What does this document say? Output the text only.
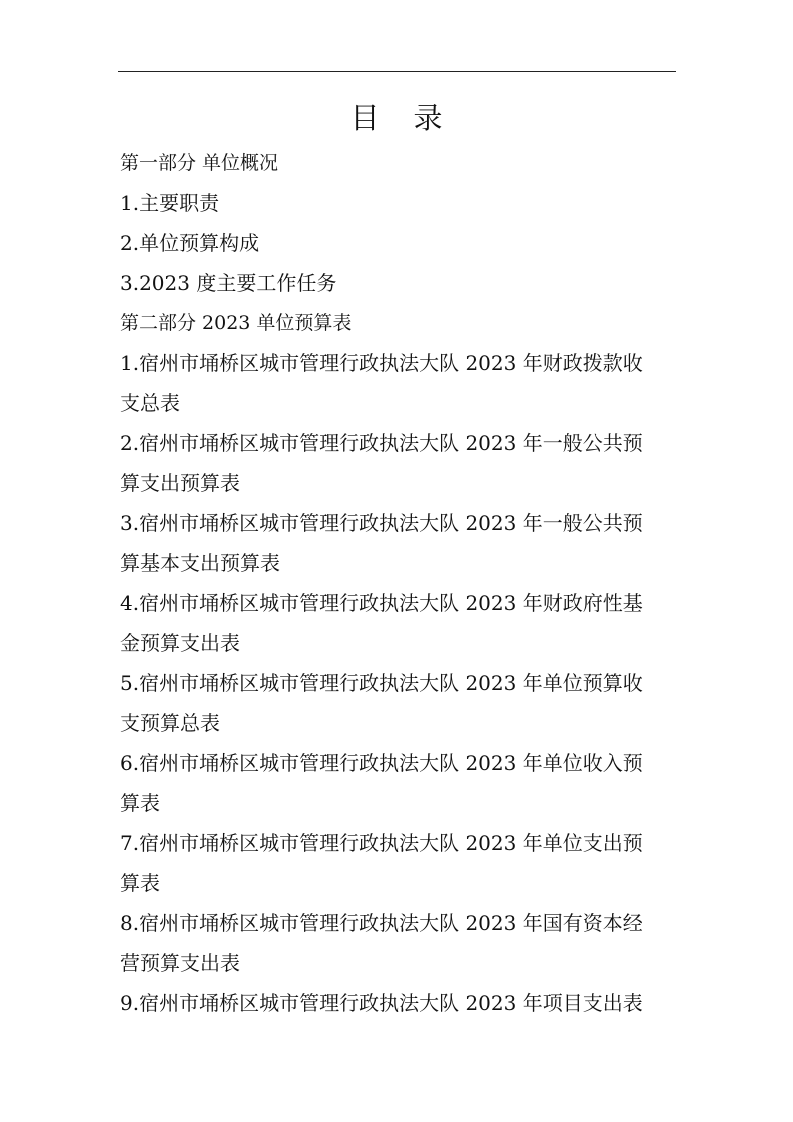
目 录
第一部分 单位概况
1.主要职责
2.单位预算构成
3.2023 度主要工作任务
第二部分 2023 单位预算表
1.宿州市埇桥区城市管理行政执法大队 2023 年财政拨款收
支总表
2.宿州市埇桥区城市管理行政执法大队 2023 年一般公共预
算支出预算表
3.宿州市埇桥区城市管理行政执法大队 2023 年一般公共预
算基本支出预算表
4.宿州市埇桥区城市管理行政执法大队 2023 年财政府性基
金预算支出表
5.宿州市埇桥区城市管理行政执法大队 2023 年单位预算收
支预算总表
6.宿州市埇桥区城市管理行政执法大队 2023 年单位收入预
算表
7.宿州市埇桥区城市管理行政执法大队 2023 年单位支出预
算表
8.宿州市埇桥区城市管理行政执法大队 2023 年国有资本经
营预算支出表
9.宿州市埇桥区城市管理行政执法大队 2023 年项目支出表
